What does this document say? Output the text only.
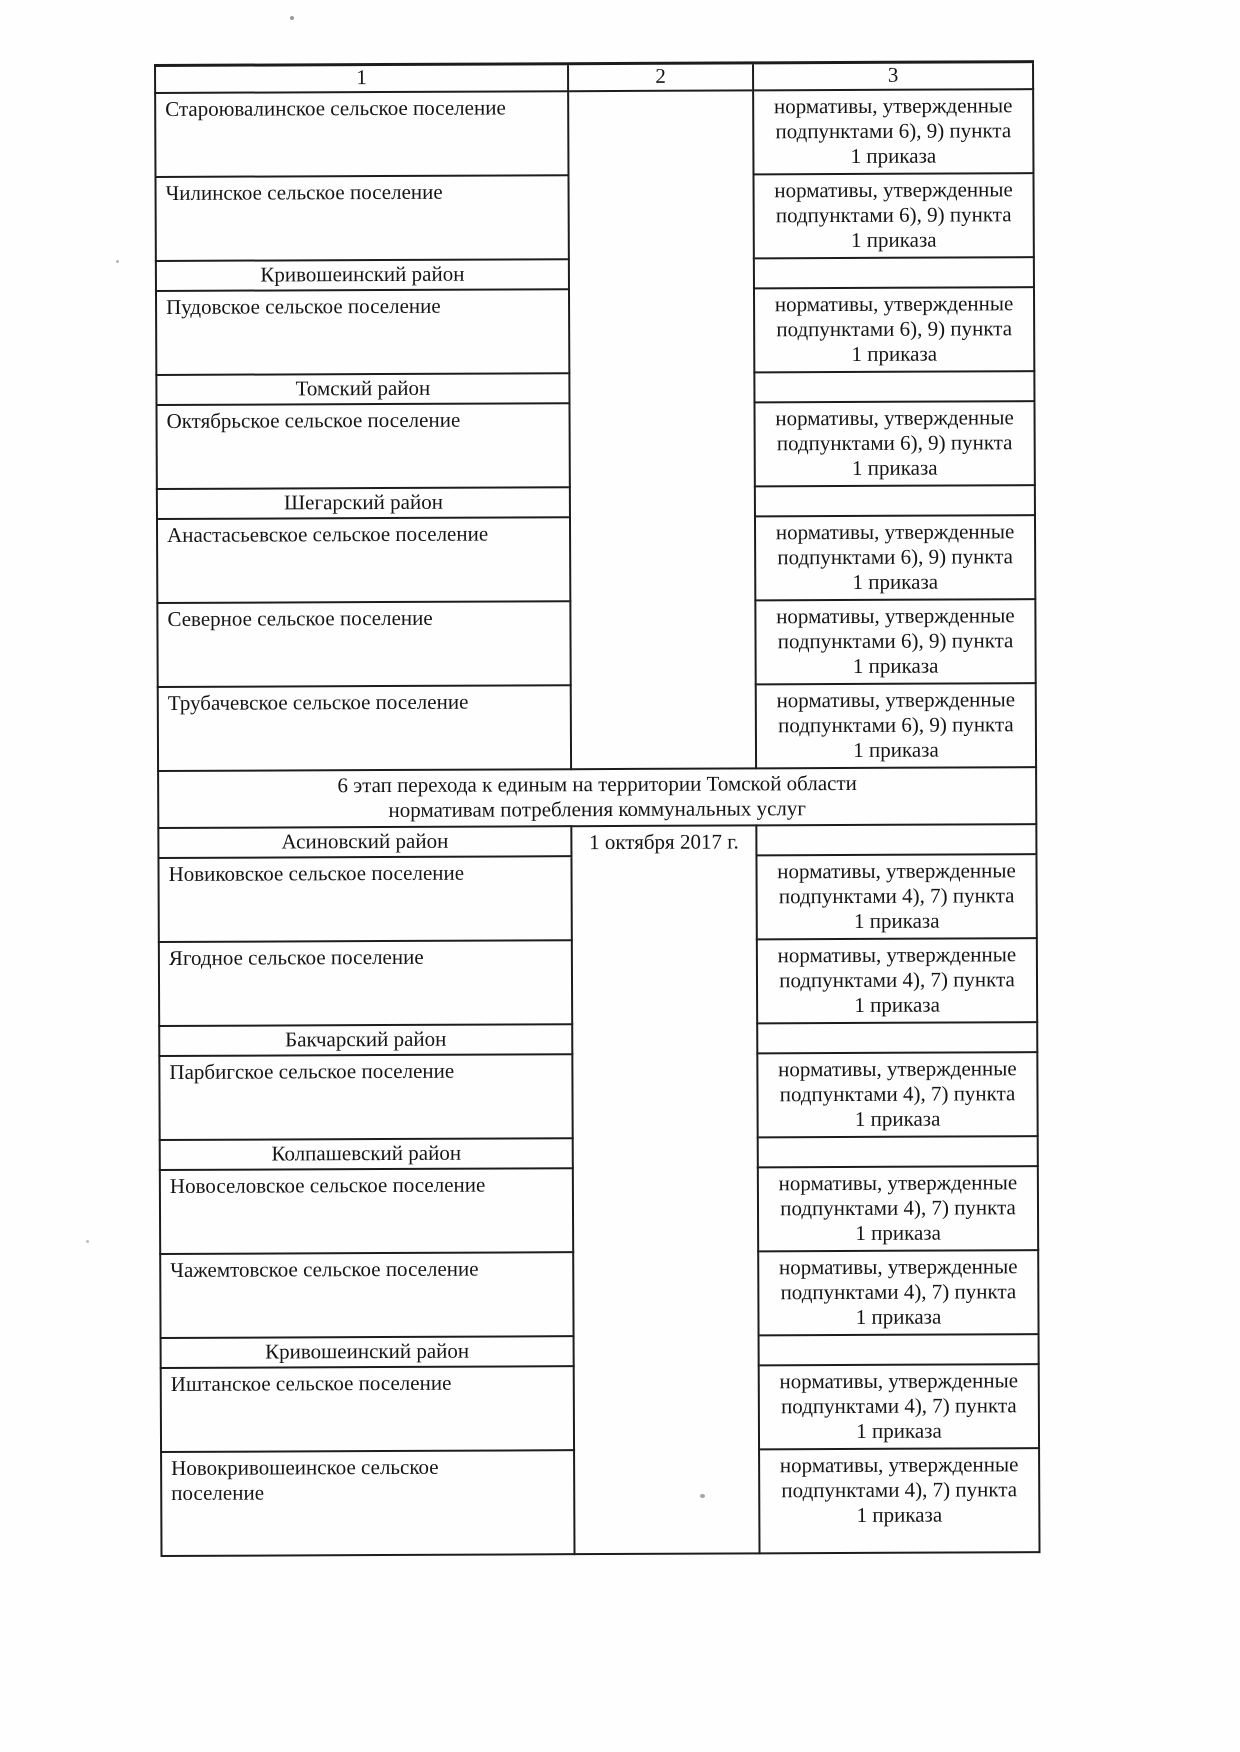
1	2	3
Староювалинское сельское поселение		нормативы, утвержденные подпунктами 6), 9) пункта 1 приказа
Чилинское сельское поселение		нормативы, утвержденные подпунктами 6), 9) пункта 1 приказа
Кривошеинский район		
Пудовское сельское поселение		нормативы, утвержденные подпунктами 6), 9) пункта 1 приказа
Томский район		
Октябрьское сельское поселение		нормативы, утвержденные подпунктами 6), 9) пункта 1 приказа
Шегарский район		
Анастасьевское сельское поселение		нормативы, утвержденные подпунктами 6), 9) пункта 1 приказа
Северное сельское поселение		нормативы, утвержденные подпунктами 6), 9) пункта 1 приказа
Трубачевское сельское поселение		нормативы, утвержденные подпунктами 6), 9) пункта 1 приказа

6 этап перехода к единым на территории Томской области
нормативам потребления коммунальных услуг		

Асиновский район	1 октября 2017 г.	
Новиковское сельское поселение		нормативы, утвержденные подпунктами 4), 7) пункта 1 приказа
Ягодное сельское поселение		нормативы, утвержденные подпунктами 4), 7) пункта 1 приказа
Бакчарский район		
Парбигское сельское поселение		нормативы, утвержденные подпунктами 4), 7) пункта 1 приказа
Колпашевский район		
Новоселовское сельское поселение		нормативы, утвержденные подпунктами 4), 7) пункта 1 приказа
Чажемтовское сельское поселение		нормативы, утвержденные подпунктами 4), 7) пункта 1 приказа
Кривошеинский район		
Иштанское сельское поселение		нормативы, утвержденные подпунктами 4), 7) пункта 1 приказа

Новокривошеинское сельское поселение		нормативы, утвержденные подпунктами 4), 7) пункта 1 приказа
